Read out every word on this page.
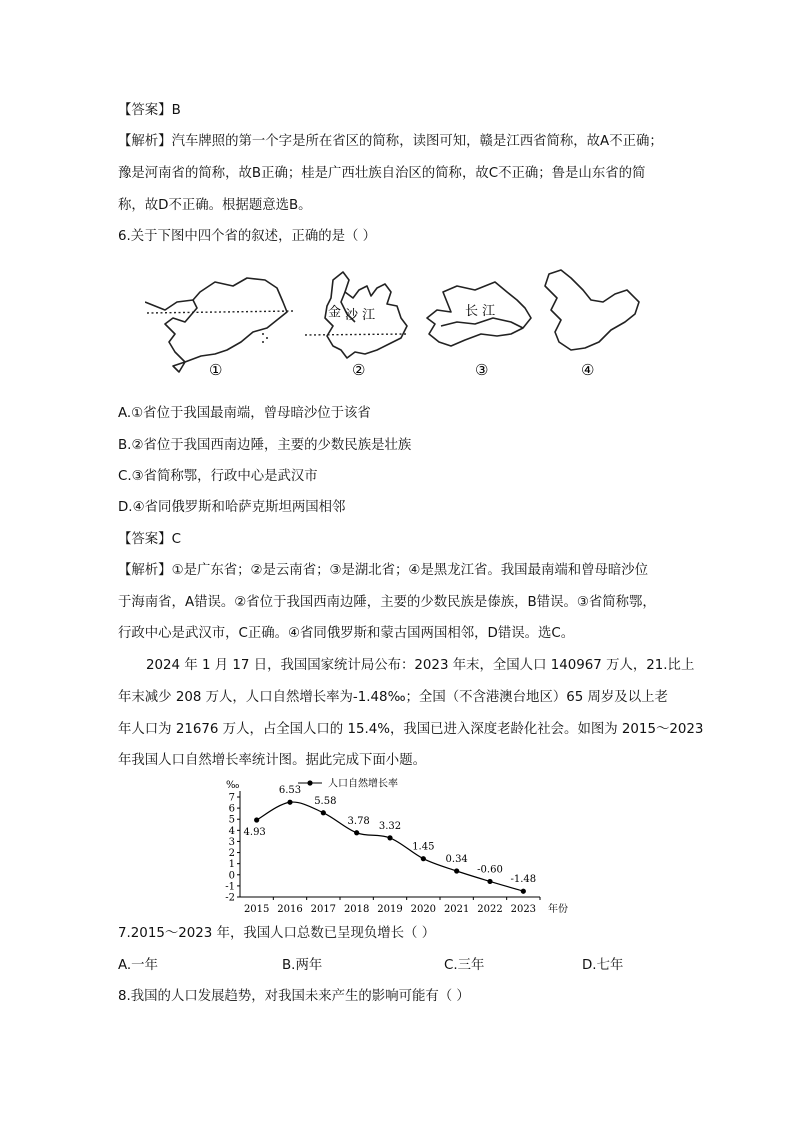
【答案】B
【解析】汽车牌照的第一个字是所在省区的简称，读图可知，赣是江西省简称，故A不正确；
豫是河南省的简称，故B正确；桂是广西壮族自治区的简称，故C不正确；鲁是山东省的简
称，故D不正确。根据题意选B。
6.关于下图中四个省的叙述，正确的是（ ）
金 沙 江	长 江
①	②	③	④
A.①省位于我国最南端，曾母暗沙位于该省
B.②省位于我国西南边陲，主要的少数民族是壮族
C.③省简称鄂，行政中心是武汉市
D.④省同俄罗斯和哈萨克斯坦两国相邻
【答案】C
【解析】①是广东省；②是云南省；③是湖北省；④是黑龙江省。我国最南端和曾母暗沙位
于海南省，A错误。②省位于我国西南边陲，主要的少数民族是傣族，B错误。③省简称鄂，
行政中心是武汉市，C正确。④省同俄罗斯和蒙古国两国相邻，D错误。选C。
2024 年 1 月 17 日，我国国家统计局公布：2023 年末，全国人口 140967 万人，21.比上
年末减少 208 万人，人口自然增长率为-1.48‰；全国（不含港澳台地区）65 周岁及以上老
年人口为 21676 万人，占全国人口的 15.4%，我国已进入深度老龄化社会。如图为 2015～2023
年我国人口自然增长率统计图。据此完成下面小题。
‰
7
6
5
4
3
2
1
0
-1
-2
2015 2016 2017 2018 2019 2020 2021 2022 2023 年份
4.93
6.53
5.58
3.78 3.32
1.45
0.34
-0.60
-1.48
人口自然增长率
7.2015～2023 年，我国人口总数已呈现负增长（ ）
A.一年	B.两年	C.三年	D.七年
8.我国的人口发展趋势，对我国未来产生的影响可能有（ ）
